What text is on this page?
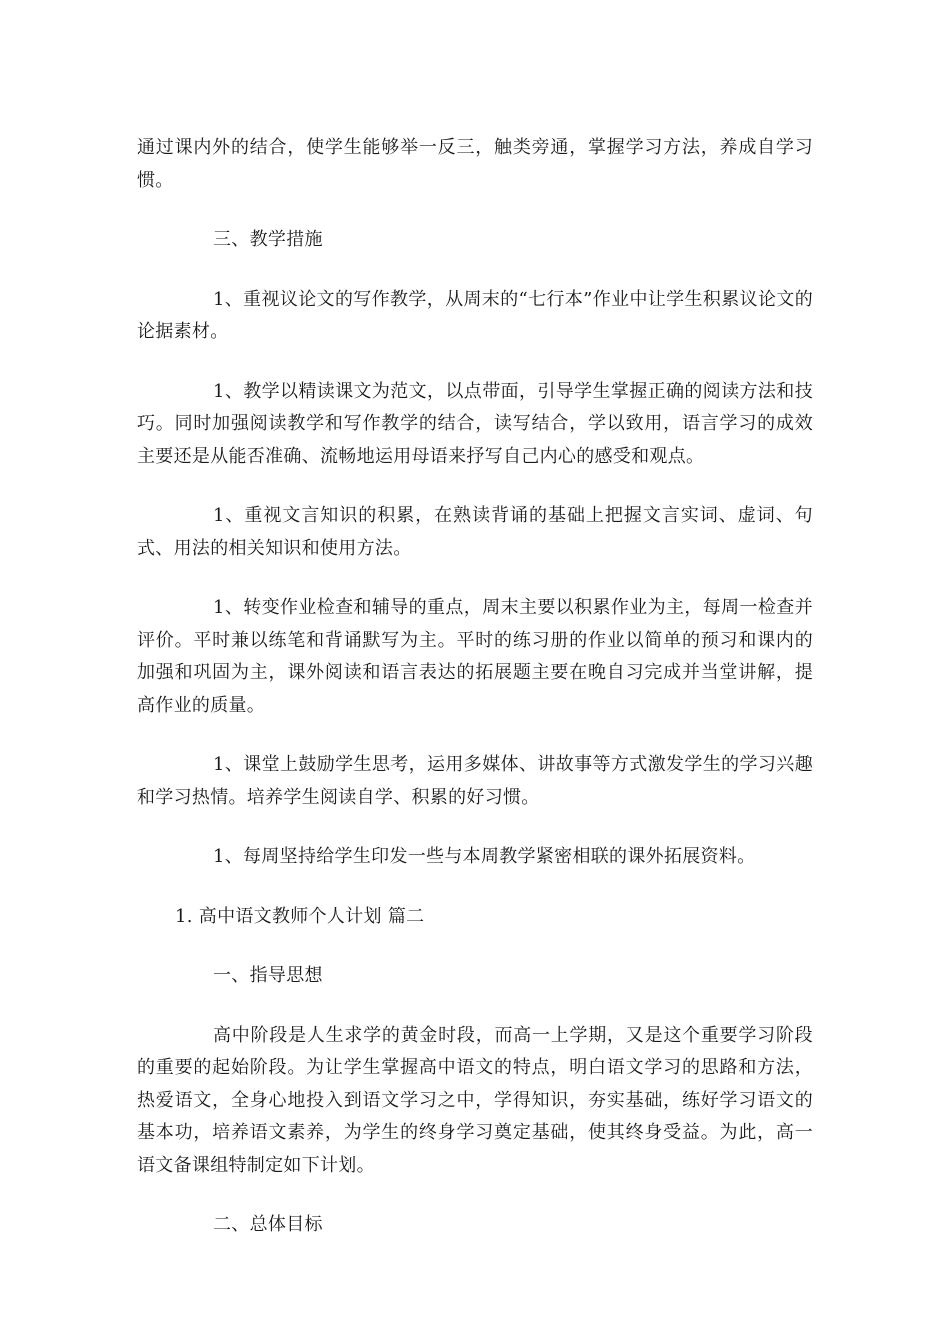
通过课内外的结合，使学生能够举一反三，触类旁通，掌握学习方法，养成自学习惯。

三、教学措施

1、重视议论文的写作教学，从周末的“七行本”作业中让学生积累议论文的论据素材。

1、教学以精读课文为范文，以点带面，引导学生掌握正确的阅读方法和技巧。同时加强阅读教学和写作教学的结合，读写结合，学以致用，语言学习的成效主要还是从能否准确、流畅地运用母语来抒写自己内心的感受和观点。

1、重视文言知识的积累，在熟读背诵的基础上把握文言实词、虚词、句式、用法的相关知识和使用方法。

1、转变作业检查和辅导的重点，周末主要以积累作业为主，每周一检查并评价。平时兼以练笔和背诵默写为主。平时的练习册的作业以简单的预习和课内的加强和巩固为主，课外阅读和语言表达的拓展题主要在晚自习完成并当堂讲解，提高作业的质量。

1、课堂上鼓励学生思考，运用多媒体、讲故事等方式激发学生的学习兴趣和学习热情。培养学生阅读自学、积累的好习惯。

1、每周坚持给学生印发一些与本周教学紧密相联的课外拓展资料。

1. 高中语文教师个人计划 篇二

一、指导思想

高中阶段是人生求学的黄金时段，而高一上学期，又是这个重要学习阶段的重要的起始阶段。为让学生掌握高中语文的特点，明白语文学习的思路和方法，热爱语文，全身心地投入到语文学习之中，学得知识，夯实基础，练好学习语文的基本功，培养语文素养，为学生的终身学习奠定基础，使其终身受益。为此，高一语文备课组特制定如下计划。

二、总体目标
